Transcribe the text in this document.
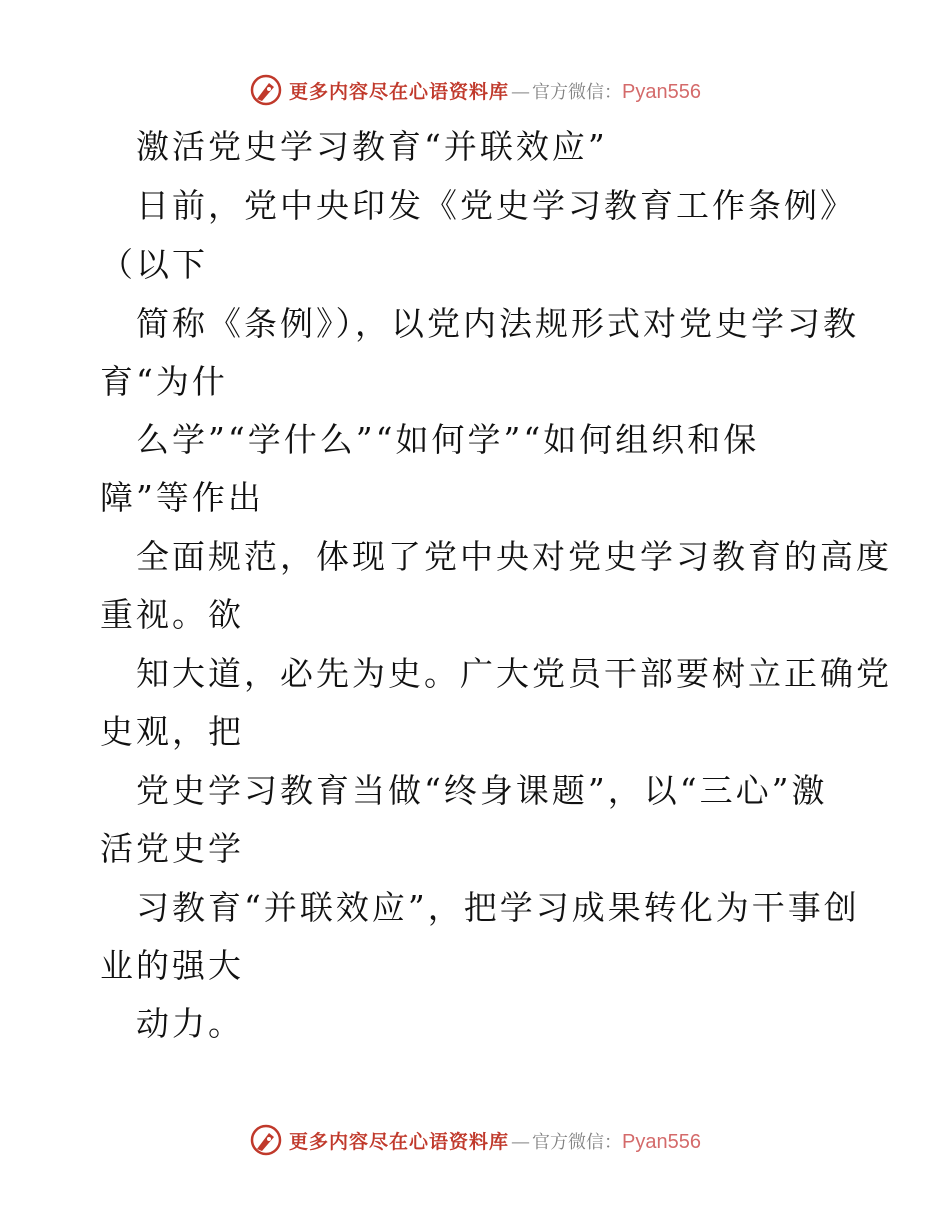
更多内容尽在心语资料库 — 官方微信： Pyan556
激活党史学习教育“并联效应”
日前，党中央印发《党史学习教育工作条例》
（以下
简称《条例》），以党内法规形式对党史学习教
育“为什
么学”“学什么”“如何学”“如何组织和保
障”等作出
全面规范，体现了党中央对党史学习教育的高度
重视。欲
知大道，必先为史。广大党员干部要树立正确党
史观，把
党史学习教育当做“终身课题”，以“三心”激
活党史学
习教育“并联效应”，把学习成果转化为干事创
业的强大
动力。
更多内容尽在心语资料库 — 官方微信： Pyan556
